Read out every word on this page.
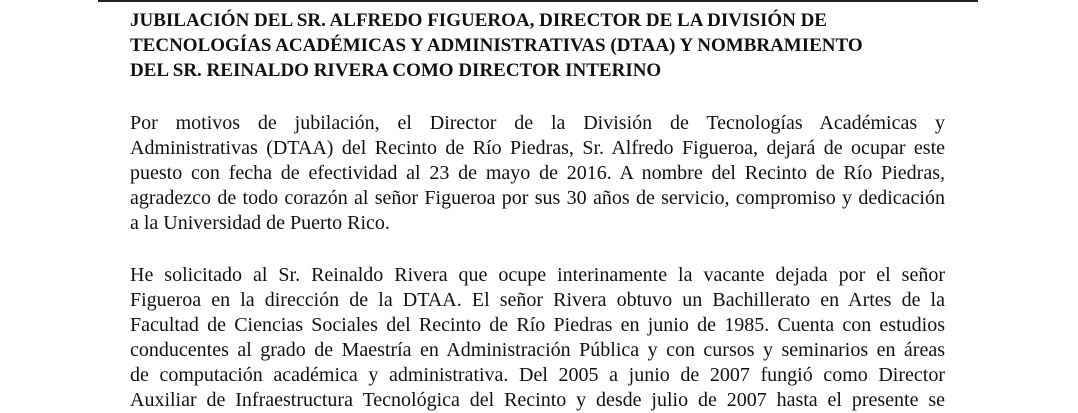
JUBILACIÓN DEL SR. ALFREDO FIGUEROA, DIRECTOR DE LA DIVISIÓN DE
TECNOLOGÍAS ACADÉMICAS Y ADMINISTRATIVAS (DTAA) Y NOMBRAMIENTO
DEL SR. REINALDO RIVERA COMO DIRECTOR INTERINO

Por motivos de jubilación, el Director de la División de Tecnologías Académicas y
Administrativas (DTAA) del Recinto de Río Piedras, Sr. Alfredo Figueroa, dejará de ocupar este
puesto con fecha de efectividad al 23 de mayo de 2016. A nombre del Recinto de Río Piedras,
agradezco de todo corazón al señor Figueroa por sus 30 años de servicio, compromiso y dedicación
a la Universidad de Puerto Rico.

He solicitado al Sr. Reinaldo Rivera que ocupe interinamente la vacante dejada por el señor
Figueroa en la dirección de la DTAA. El señor Rivera obtuvo un Bachillerato en Artes de la
Facultad de Ciencias Sociales del Recinto de Río Piedras en junio de 1985. Cuenta con estudios
conducentes al grado de Maestría en Administración Pública y con cursos y seminarios en áreas
de computación académica y administrativa. Del 2005 a junio de 2007 fungió como Director
Auxiliar de Infraestructura Tecnológica del Recinto y desde julio de 2007 hasta el presente se
